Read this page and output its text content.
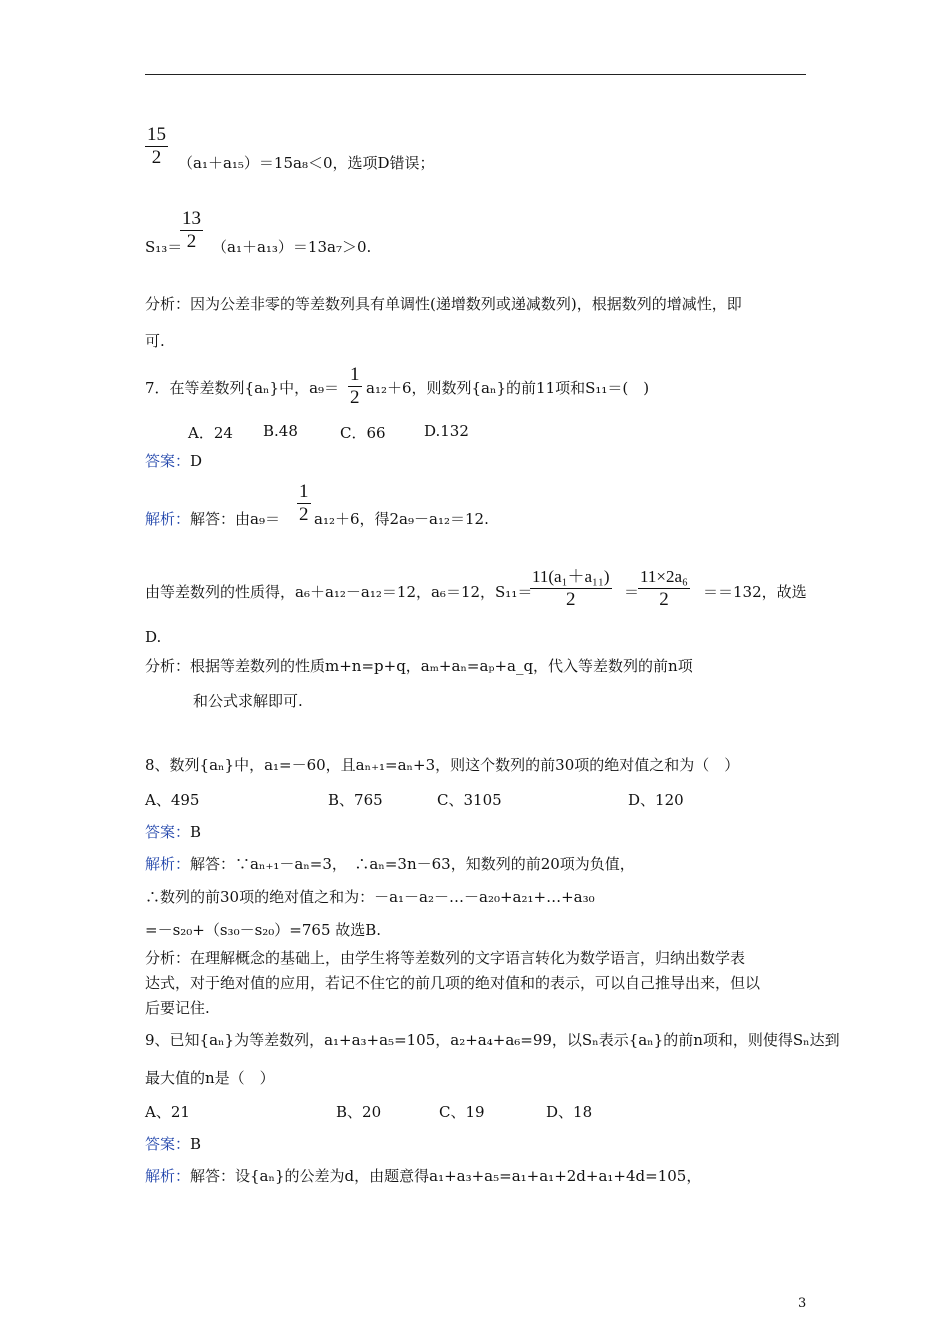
15
2	（a₁＋a₁₅）＝15a₈＜0，选项D错误；
S₁₃＝
13
2	（a₁＋a₁₃）＝13a₇＞0.
分析：因为公差非零的等差数列具有单调性(递增数列或递减数列)，根据数列的增减性，即
可.
7．在等差数列{aₙ}中，a₉＝
1
2 a₁₂＋6，则数列{aₙ}的前11项和S₁₁＝(　)
A．24 B.48	C．66	D.132
答案：D
解析：解答：由a₉＝
1
2 a₁₂＋6，得2a₉－a₁₂＝12.
由等差数列的性质得，a₆＋a₁₂－a₁₂＝12，a₆＝12，S₁₁＝
11(a₁＋a₁₁)
2	＝
11×2a₆
2	＝＝132，故选
D.
分析：根据等差数列的性质m+n=p+q，aₘ+aₙ=aₚ+a_q，代入等差数列的前n项
和公式求解即可.
8、数列{aₙ}中，a₁=－60，且aₙ₊₁=aₙ+3，则这个数列的前30项的绝对值之和为（　）
A、495	B、765	C、3105	D、120
答案：B
解析：解答：∵aₙ₊₁－aₙ=3，　∴aₙ=3n－63，知数列的前20项为负值，
∴数列的前30项的绝对值之和为：－a₁－a₂－…－a₂₀+a₂₁+…+a₃₀
=－s₂₀+（s₃₀－s₂₀）=765 故选B.
分析：在理解概念的基础上，由学生将等差数列的文字语言转化为数学语言，归纳出数学表
达式，对于绝对值的应用，若记不住它的前几项的绝对值和的表示，可以自己推导出来，但以
后要记住.
9、已知{aₙ}为等差数列，a₁+a₃+a₅=105，a₂+a₄+a₆=99，以Sₙ表示{aₙ}的前n项和，则使得Sₙ达到
最大值的n是（　）
A、21	B、20	C、19	D、18
答案：B
解析：解答：设{aₙ}的公差为d，由题意得a₁+a₃+a₅=a₁+a₁+2d+a₁+4d=105，
3
